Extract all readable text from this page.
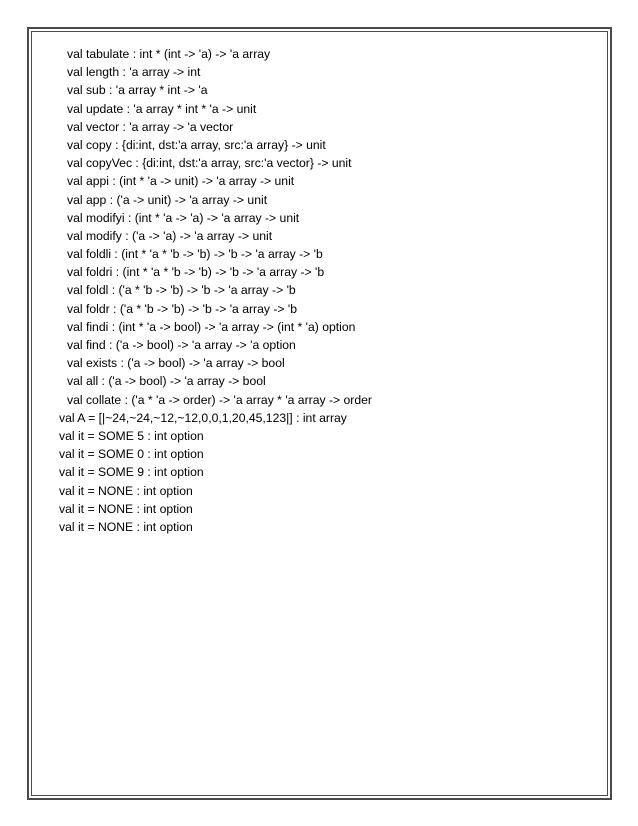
val tabulate : int * (int -> 'a) -> 'a array
val length : 'a array -> int
val sub : 'a array * int -> 'a
val update : 'a array * int * 'a -> unit
val vector : 'a array -> 'a vector
val copy : {di:int, dst:'a array, src:'a array} -> unit
val copyVec : {di:int, dst:'a array, src:'a vector} -> unit
val appi : (int * 'a -> unit) -> 'a array -> unit
val app : ('a -> unit) -> 'a array -> unit
val modifyi : (int * 'a -> 'a) -> 'a array -> unit
val modify : ('a -> 'a) -> 'a array -> unit
val foldli : (int * 'a * 'b -> 'b) -> 'b -> 'a array -> 'b
val foldri : (int * 'a * 'b -> 'b) -> 'b -> 'a array -> 'b
val foldl : ('a * 'b -> 'b) -> 'b -> 'a array -> 'b
val foldr : ('a * 'b -> 'b) -> 'b -> 'a array -> 'b
val findi : (int * 'a -> bool) -> 'a array -> (int * 'a) option
val find : ('a -> bool) -> 'a array -> 'a option
val exists : ('a -> bool) -> 'a array -> bool
val all : ('a -> bool) -> 'a array -> bool
val collate : ('a * 'a -> order) -> 'a array * 'a array -> order
val A = [|~24,~24,~12,~12,0,0,1,20,45,123|] : int array
val it = SOME 5 : int option
val it = SOME 0 : int option
val it = SOME 9 : int option
val it = NONE : int option
val it = NONE : int option
val it = NONE : int option
